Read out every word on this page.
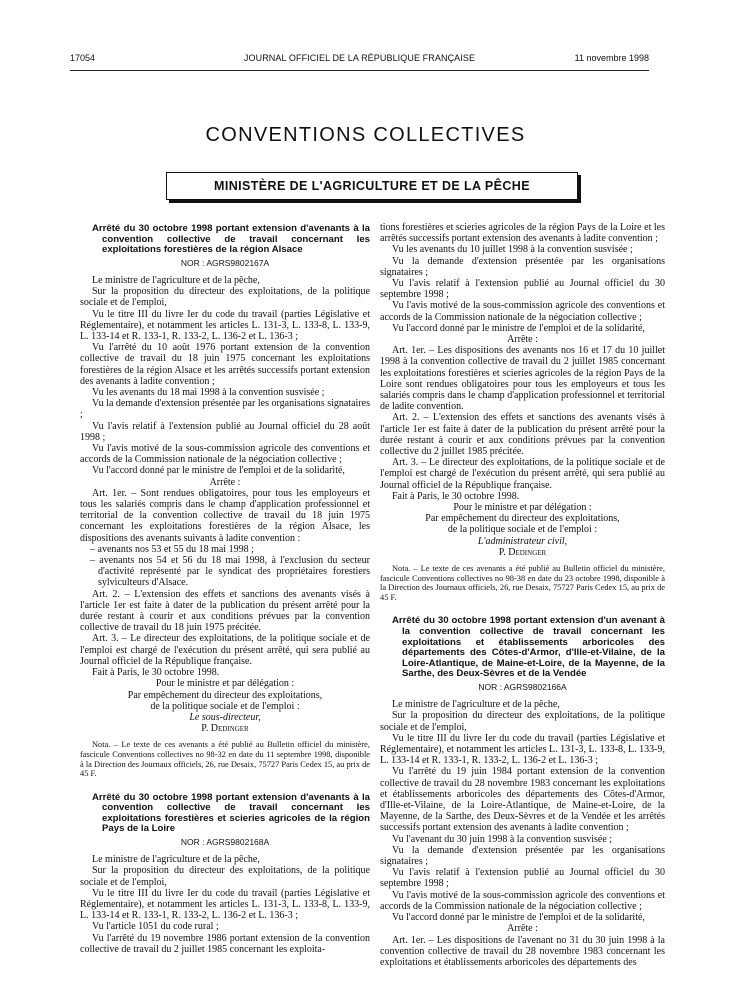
17054	JOURNAL OFFICIEL DE LA RÉPUBLIQUE FRANÇAISE	11 novembre 1998
CONVENTIONS COLLECTIVES
MINISTÈRE DE L'AGRICULTURE ET DE LA PÊCHE

Arrêté du 30 octobre 1998 portant extension d'avenants à la convention collective de travail concernant les exploitations forestières de la région Alsace

NOR : AGRS9802167A

Le ministre de l'agriculture et de la pêche,

Sur la proposition du directeur des exploitations, de la politique sociale et de l'emploi,

Vu le titre III du livre Ier du code du travail (parties Législative et Réglementaire), et notamment les articles L. 131-3, L. 133-8, L. 133-9, L. 133-14 et R. 133-1, R. 133-2, L. 136-2 et L. 136-3 ;

Vu l'arrêté du 10 août 1976 portant extension de la convention collective de travail du 18 juin 1975 concernant les exploitations forestières de la région Alsace et les arrêtés successifs portant extension des avenants à ladite convention ;

Vu les avenants du 18 mai 1998 à la convention susvisée ;

Vu la demande d'extension présentée par les organisations signataires ;

Vu l'avis relatif à l'extension publié au Journal officiel du 28 août 1998 ;

Vu l'avis motivé de la sous-commission agricole des conventions et accords de la Commission nationale de la négociation collective ;

Vu l'accord donné par le ministre de l'emploi et de la solidarité,

Arrête :

Art. 1er. – Sont rendues obligatoires, pour tous les employeurs et tous les salariés compris dans le champ d'application professionnel et territorial de la convention collective de travail du 18 juin 1975 concernant les exploitations forestières de la région Alsace, les dispositions des avenants suivants à ladite convention :

– avenants nos 53 et 55 du 18 mai 1998 ;

– avenants nos 54 et 56 du 18 mai 1998, à l'exclusion du secteur d'activité représenté par le syndicat des propriétaires forestiers sylviculteurs d'Alsace.

Art. 2. – L'extension des effets et sanctions des avenants visés à l'article 1er est faite à dater de la publication du présent arrêté pour la durée restant à courir et aux conditions prévues par la convention collective de travail du 18 juin 1975 précitée.

Art. 3. – Le directeur des exploitations, de la politique sociale et de l'emploi est chargé de l'exécution du présent arrêté, qui sera publié au Journal officiel de la République française.

Fait à Paris, le 30 octobre 1998.

Pour le ministre et par délégation :

Par empêchement du directeur des exploitations,

de la politique sociale et de l'emploi :

Le sous-directeur,

P. Dedinger

Nota. – Le texte de ces avenants a été publié au Bulletin officiel du ministère, fascicule Conventions collectives no 98-32 en date du 11 septembre 1998, disponible à la Direction des Journaux officiels, 26, rue Desaix, 75727 Paris Cedex 15, au prix de 45 F.

Arrêté du 30 octobre 1998 portant extension d'avenants à la convention collective de travail concernant les exploitations forestières et scieries agricoles de la région Pays de la Loire

NOR : AGRS9802168A

Le ministre de l'agriculture et de la pêche,

Sur la proposition du directeur des exploitations, de la politique sociale et de l'emploi,

Vu le titre III du livre Ier du code du travail (parties Législative et Réglementaire), et notamment les articles L. 131-3, L. 133-8, L. 133-9, L. 133-14 et R. 133-1, R. 133-2, L. 136-2 et L. 136-3 ;

Vu l'article 1051 du code rural ;

Vu l'arrêté du 19 novembre 1986 portant extension de la convention collective de travail du 2 juillet 1985 concernant les exploita-

tions forestières et scieries agricoles de la région Pays de la Loire et les arrêtés successifs portant extension des avenants à ladite convention ;

Vu les avenants du 10 juillet 1998 à la convention susvisée ;

Vu la demande d'extension présentée par les organisations signataires ;

Vu l'avis relatif à l'extension publié au Journal officiel du 30 septembre 1998 ;

Vu l'avis motivé de la sous-commission agricole des conventions et accords de la Commission nationale de la négociation collective ;

Vu l'accord donné par le ministre de l'emploi et de la solidarité,

Arrête :

Art. 1er. – Les dispositions des avenants nos 16 et 17 du 10 juillet 1998 à la convention collective de travail du 2 juillet 1985 concernant les exploitations forestières et scieries agricoles de la région Pays de la Loire sont rendues obligatoires pour tous les employeurs et tous les salariés compris dans le champ d'application professionnel et territorial de ladite convention.

Art. 2. – L'extension des effets et sanctions des avenants visés à l'article 1er est faite à dater de la publication du présent arrêté pour la durée restant à courir et aux conditions prévues par la convention collective du 2 juillet 1985 précitée.

Art. 3. – Le directeur des exploitations, de la politique sociale et de l'emploi est chargé de l'exécution du présent arrêté, qui sera publié au Journal officiel de la République française.

Fait à Paris, le 30 octobre 1998.

Pour le ministre et par délégation :

Par empêchement du directeur des exploitations,

de la politique sociale et de l'emploi :

L'administrateur civil,

P. Dedinger

Nota. – Le texte de ces avenants a été publié au Bulletin officiel du ministère, fascicule Conventions collectives no 98-38 en date du 23 octobre 1998, disponible à la Direction des Journaux officiels, 26, rue Desaix, 75727 Paris Cedex 15, au prix de 45 F.

Arrêté du 30 octobre 1998 portant extension d'un avenant à la convention collective de travail concernant les exploitations et établissements arboricoles des départements des Côtes-d'Armor, d'Ille-et-Vilaine, de la Loire-Atlantique, de Maine-et-Loire, de la Mayenne, de la Sarthe, des Deux-Sèvres et de la Vendée

NOR : AGRS9802166A

Le ministre de l'agriculture et de la pêche,

Sur la proposition du directeur des exploitations, de la politique sociale et de l'emploi,

Vu le titre III du livre Ier du code du travail (parties Législative et Réglementaire), et notamment les articles L. 131-3, L. 133-8, L. 133-9, L. 133-14 et R. 133-1, R. 133-2, L. 136-2 et L. 136-3 ;

Vu l'arrêté du 19 juin 1984 portant extension de la convention collective de travail du 28 novembre 1983 concernant les exploitations et établissements arboricoles des départements des Côtes-d'Armor, d'Ille-et-Vilaine, de la Loire-Atlantique, de Maine-et-Loire, de la Mayenne, de la Sarthe, des Deux-Sèvres et de la Vendée et les arrêtés successifs portant extension des avenants à ladite convention ;

Vu l'avenant du 30 juin 1998 à la convention susvisée ;

Vu la demande d'extension présentée par les organisations signataires ;

Vu l'avis relatif à l'extension publié au Journal officiel du 30 septembre 1998 ;

Vu l'avis motivé de la sous-commission agricole des conventions et accords de la Commission nationale de la négociation collective ;

Vu l'accord donné par le ministre de l'emploi et de la solidarité,

Arrête :

Art. 1er. – Les dispositions de l'avenant no 31 du 30 juin 1998 à la convention collective de travail du 28 novembre 1983 concernant les exploitations et établissements arboricoles des départements des
